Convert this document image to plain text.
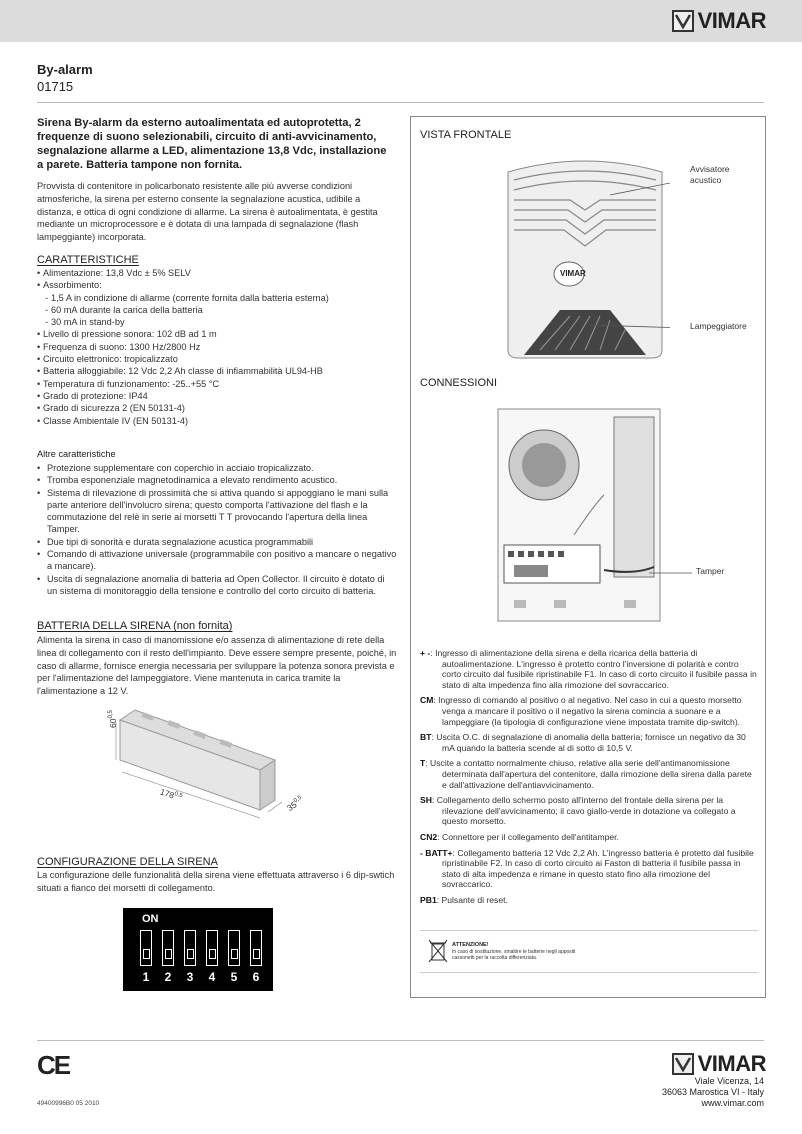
VIMAR
By-alarm
01715
Sirena By-alarm da esterno autoalimentata ed autoprotetta, 2 frequenze di suono selezionabili, circuito di anti-avvicinamento, segnalazione allarme a LED, alimentazione 13,8 Vdc, installazione a parete. Batteria tampone non fornita.
Provvista di contenitore in policarbonato resistente alle più avverse condizioni atmosferiche, la sirena per esterno consente la segnalazione acustica, udibile a distanza, e ottica di ogni condizione di allarme. La sirena è autoalimentata, è gestita mediante un microprocessore e è dotata di una lampada di segnalazione (flash lampeggiante) incorporata.
CARATTERISTICHE
• Alimentazione: 13,8 Vdc ± 5% SELV
• Assorbimento:
- 1,5 A in condizione di allarme (corrente fornita dalla batteria esterna)
- 60 mA durante la carica della batteria
- 30 mA in stand-by
• Livello di pressione sonora: 102 dB ad 1 m
• Frequenza di suono: 1300 Hz/2800 Hz
• Circuito elettronico: tropicalizzato
• Batteria alloggiabile: 12 Vdc 2,2 Ah classe di infiammabilità UL94-HB
• Temperatura di funzionamento: -25..+55 °C
• Grado di protezione: IP44
• Grado di sicurezza 2 (EN 50131-4)
• Classe Ambientale IV (EN 50131-4)
Altre caratteristiche
• Protezione supplementare con coperchio in acciaio tropicalizzato.
• Tromba esponenziale magnetodinamica a elevato rendimento acustico.
• Sistema di rilevazione di prossimità che si attiva quando si appoggiano le mani sulla parte anteriore dell'involucro sirena; questo comporta l'attivazione del flash e la commutazione del relè in serie ai morsetti T T provocando l'apertura della linea Tamper.
• Due tipi di sonorità e durata segnalazione acustica programmabili
• Comando di attivazione universale (programmabile con positivo a mancare o negativo a mancare).
• Uscita di segnalazione anomalia di batteria ad Open Collector. Il circuito è dotato di un sistema di monitoraggio della tensione e controllo del corto circuito di batteria.
BATTERIA DELLA SIRENA (non fornita)
Alimenta la sirena in caso di manomissione e/o assenza di alimentazione di rete della linea di collegamento con il resto dell'impianto. Deve essere sempre presente, poiché, in caso di allarme, fornisce energia necessaria per sviluppare la potenza sonora prevista e per l'alimentazione del lampeggiatore. Viene mantenuta in carica tramite la l'alimentazione a 12 V.
60$^{0,5}$
178$^{0,5}$
35$^{0,5}$
CONFIGURAZIONE DELLA SIRENA
La configurazione delle funzionalità della sirena viene effettuata attraverso i 6 dip-swtich situati a fianco dei morsetti di collegamento.
ON
1	2	3	4	5	6
VISTA FRONTALE
VIMAR
Avvisatore acustico
Lampeggiatore
CONNESSIONI
Tamper

+ -: Ingresso di alimentazione della sirena e della ricarica della batteria di autoalimentazione. L'ingresso è protetto contro l'inversione di polarità e contro corto circuito dal fusibile ripristinabile F1. In caso di corto circuito il fusibile passa in stato di alta impedenza fino alla rimozione del sovraccarico.

CM: Ingresso di comando al positivo o al negativo. Nel caso in cui a questo morsetto venga a mancare il positivo o il negativo la sirena comincia a suonare e a lampeggiare (la tipologia di configurazione viene impostata tramite dip-switch).

BT: Uscita O.C. di segnalazione di anomalia della batteria; fornisce un negativo da 30 mA quando la batteria scende al di sotto di 10,5 V.

T: Uscite a contatto normalmente chiuso, relative alla serie dell'antimanomissione determinata dall'apertura del contenitore, dalla rimozione della sirena dalla parete e dall'attivazione dell'antiavvicinamento.

SH: Collegamento dello schermo posto all'interno del frontale della sirena per la rilevazione dell'avvicinamento; il cavo giallo-verde in dotazione va collegato a questo morsetto.

CN2: Connettore per il collegamento dell'antitamper.

- BATT+: Collegamento batteria 12 Vdc 2,2 Ah. L'ingresso batteria è protetto dal fusibile ripristinabile F2. In caso di corto circuito ai Faston di batteria il fusibile passa in stato di alta impedenza e rimane in questo stato fino alla rimozione del sovraccarico.

PB1: Pulsante di reset.

ATTENZIONE!
In caso di sostituzione, smaltire le batterie negli appositi cassonetti per la raccolta differenziata.
CE
49400996B0 05 2010
VIMAR
Viale Vicenza, 14
36063 Marostica VI - Italy
www.vimar.com
